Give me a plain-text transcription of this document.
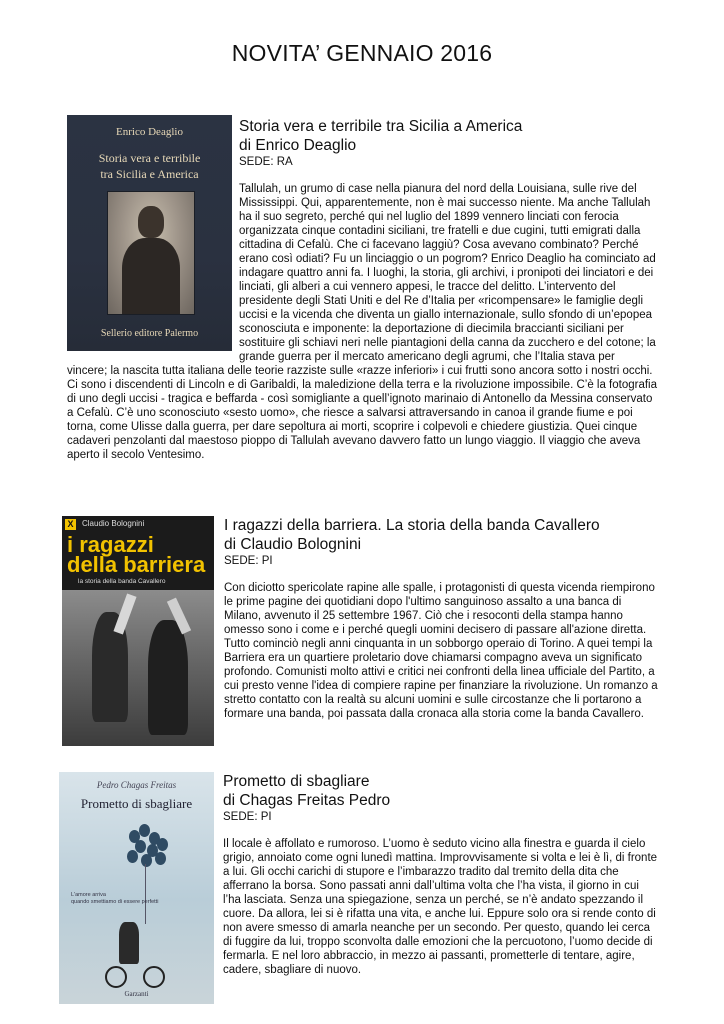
NOVITA’ GENNAIO 2016
Enrico Deaglio
Storia vera e terribile
tra Sicilia e America
Sellerio editore Palermo
Storia vera e terribile tra Sicilia a America
di Enrico Deaglio
SEDE: RA

Tallulah, un grumo di case nella pianura del nord della Louisiana, sulle rive del Mississippi. Qui, apparentemente, non è mai successo niente. Ma anche Tallulah ha il suo segreto, perché qui nel luglio del 1899 vennero linciati con ferocia organizzata cinque contadini siciliani, tre fratelli e due cugini, tutti emigrati dalla cittadina di Cefalù. Che ci facevano laggiù? Cosa avevano combinato? Perché erano così odiati? Fu un linciaggio o un pogrom? Enrico Deaglio ha cominciato ad indagare quattro anni fa. I luoghi, la storia, gli archivi, i pronipoti dei linciatori e dei linciati, gli alberi a cui vennero appesi, le tracce del delitto. L’intervento del presidente degli Stati Uniti e del Re d’Italia per «ricompensare» le famiglie degli uccisi e la vicenda che diventa un giallo internazionale, sullo sfondo di un’epopea sconosciuta e imponente: la deportazione di diecimila braccianti siciliani per sostituire gli schiavi neri nelle piantagioni della canna da zucchero e del cotone; la grande guerra per il mercato americano degli agrumi, che l’Italia stava per vincere; la nascita tutta italiana delle teorie razziste sulle «razze inferiori» i cui frutti sono ancora sotto i nostri occhi. Ci sono i discendenti di Lincoln e di Garibaldi, la maledizione della terra e la rivoluzione impossibile. C’è la fotografia di uno degli uccisi - tragica e beffarda - così somigliante a quell’ignoto marinaio di Antonello da Messina conservato a Cefalù. C’è uno sconosciuto «sesto uomo», che riesce a salvarsi attraversando in canoa il grande fiume e poi torna, come Ulisse dalla guerra, per dare sepoltura ai morti, scoprire i colpevoli e chiedere giustizia. Quei cinque cadaveri penzolanti dal maestoso pioppo di Tallulah avevano davvero fatto un lungo viaggio. Il viaggio che aveva aperto il secolo Ventesimo.

X	Claudio Bolognini
i ragazzi
della barriera
la storia della banda Cavallero
I ragazzi della barriera. La storia della banda Cavallero
di Claudio Bolognini
SEDE: PI

Con diciotto spericolate rapine alle spalle, i protagonisti di questa vicenda riempirono le prime pagine dei quotidiani dopo l'ultimo sanguinoso assalto a una banca di Milano, avvenuto il 25 settembre 1967. Ciò che i resoconti della stampa hanno omesso sono i come e i perché quegli uomini decisero di passare all'azione diretta. Tutto cominciò negli anni cinquanta in un sobborgo operaio di Torino. A quei tempi la Barriera era un quartiere proletario dove chiamarsi compagno aveva un significato profondo. Comunisti molto attivi e critici nei confronti della linea ufficiale del Partito, a cui presto venne l'idea di compiere rapine per finanziare la rivoluzione. Un romanzo a stretto contatto con la realtà su alcuni uomini e sulle circostanze che li portarono a formare una banda, poi passata dalla cronaca alla storia come la banda Cavallero.

Pedro Chagas Freitas
Prometto di sbagliare
L'amore arriva
quando smettiamo di essere perfetti
Garzanti
Prometto di sbagliare
di Chagas Freitas Pedro
SEDE: PI

Il locale è affollato e rumoroso. L’uomo è seduto vicino alla finestra e guarda il cielo grigio, annoiato come ogni lunedì mattina. Improvvisamente si volta e lei è lì, di fronte a lui. Gli occhi carichi di stupore e l’imbarazzo tradito dal tremito della dita che afferrano la borsa. Sono passati anni dall’ultima volta che l’ha vista, il giorno in cui l’ha lasciata. Senza una spiegazione, senza un perché, se n’è andato spezzando il cuore. Da allora, lei si è rifatta una vita, e anche lui. Eppure solo ora si rende conto di non avere smesso di amarla neanche per un secondo. Per questo, quando lei cerca di fuggire da lui, troppo sconvolta dalle emozioni che la percuotono, l’uomo decide di fermarla. E nel loro abbraccio, in mezzo ai passanti, prometterle di tentare, agire, cadere, sbagliare di nuovo.
